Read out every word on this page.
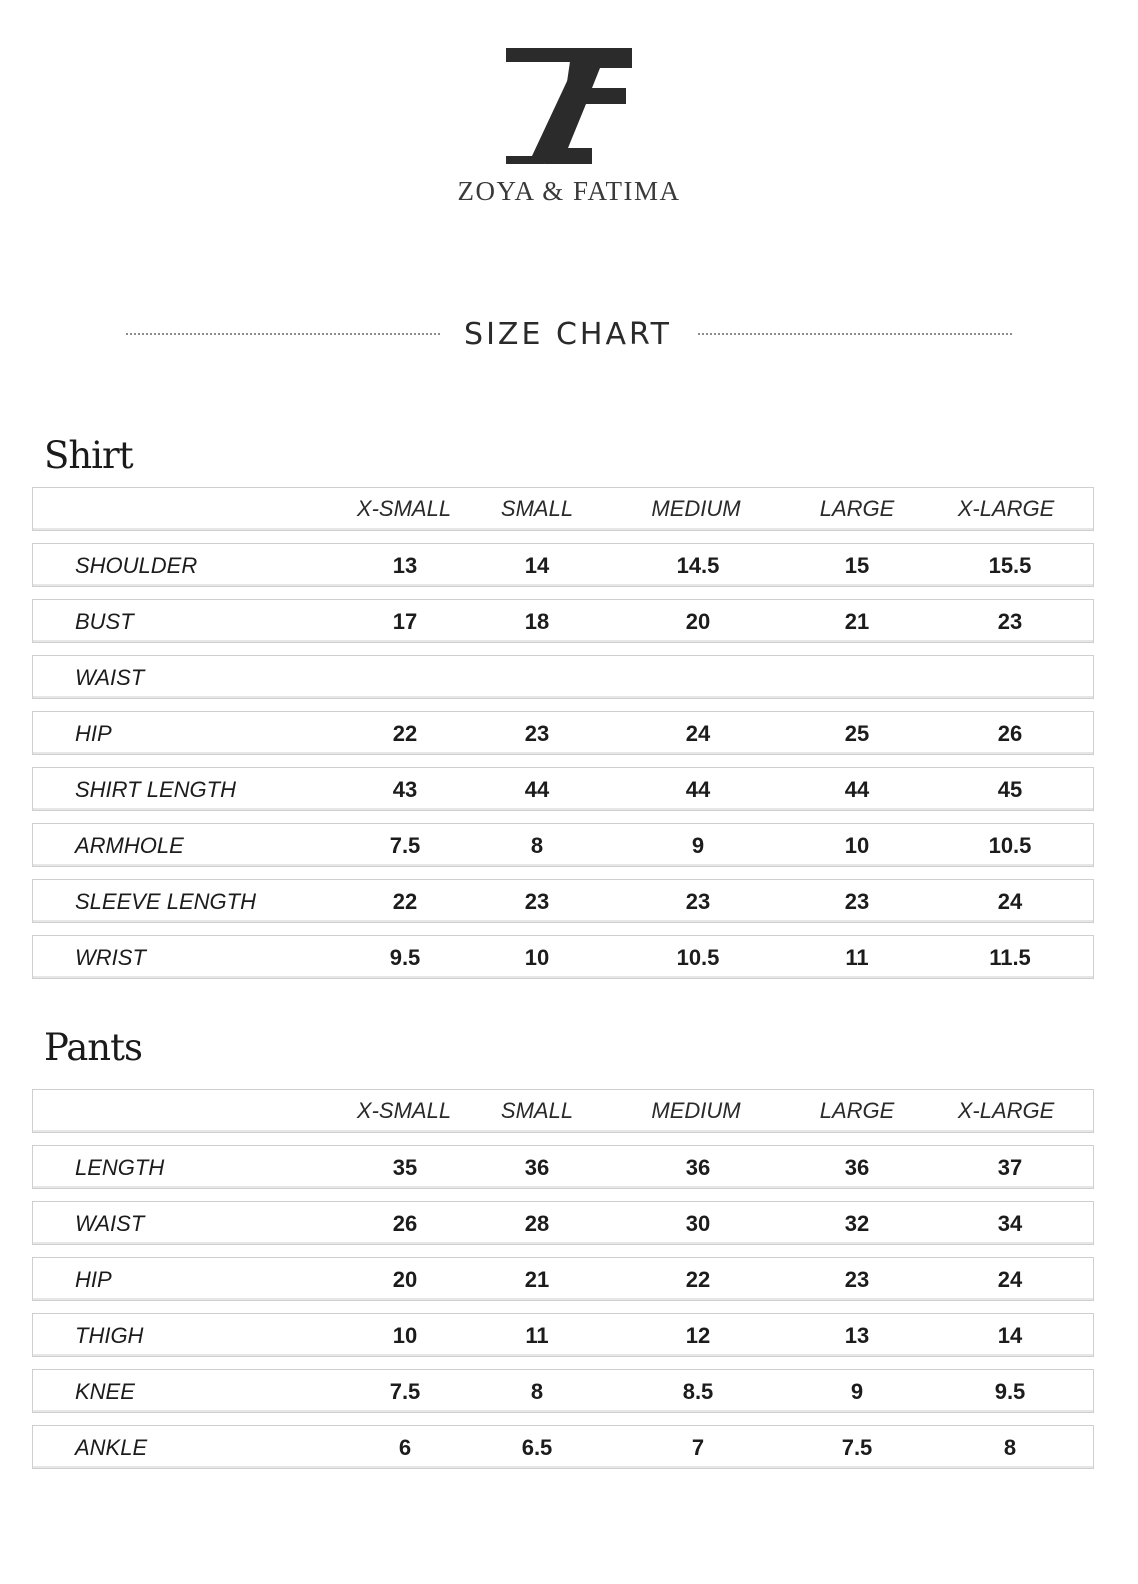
ZOYA & FATIMA
SIZE CHART
Shirt
X-SMALL	SMALL	MEDIUM	LARGE	X-LARGE
SHOULDER	13	14	14.5	15	15.5
BUST	17	18	20	21	23
WAIST
HIP	22	23	24	25	26
SHIRT LENGTH	43	44	44	44	45
ARMHOLE	7.5	8	9	10	10.5
SLEEVE LENGTH	22	23	23	23	24
WRIST	9.5	10	10.5	11	11.5
Pants
X-SMALL	SMALL	MEDIUM	LARGE	X-LARGE
LENGTH	35	36	36	36	37
WAIST	26	28	30	32	34
HIP	20	21	22	23	24
THIGH	10	11	12	13	14
KNEE	7.5	8	8.5	9	9.5
ANKLE	6	6.5	7	7.5	8
